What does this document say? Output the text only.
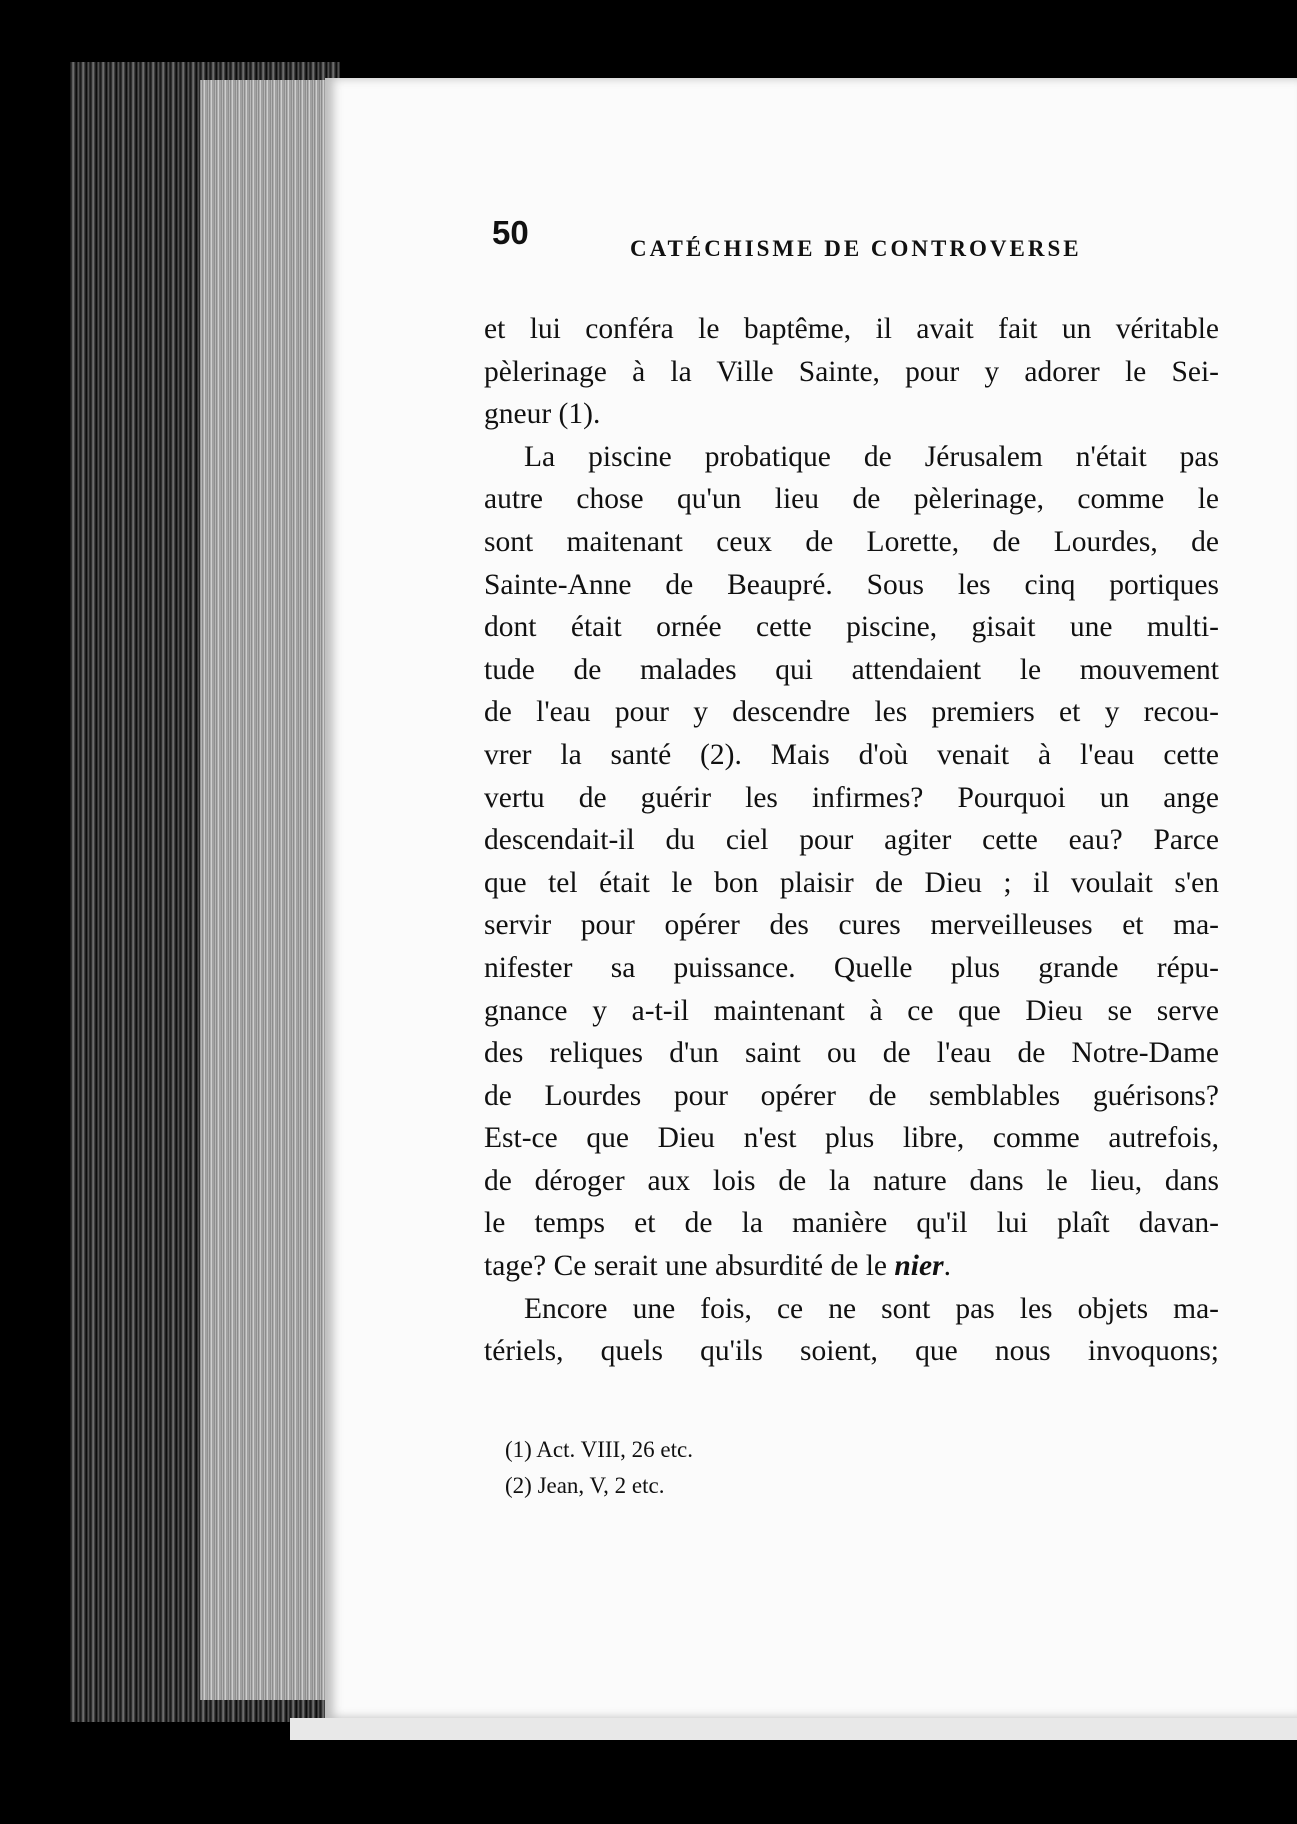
50	CATÉCHISME DE CONTROVERSE
et lui conféra le baptême, il avait fait un véritable
pèlerinage à la Ville Sainte, pour y adorer le Sei-
gneur (1).
La piscine probatique de Jérusalem n'était pas
autre chose qu'un lieu de pèlerinage, comme le
sont maitenant ceux de Lorette, de Lourdes, de
Sainte-Anne de Beaupré. Sous les cinq portiques
dont était ornée cette piscine, gisait une multi-
tude de malades qui attendaient le mouvement
de l'eau pour y descendre les premiers et y recou-
vrer la santé (2). Mais d'où venait à l'eau cette
vertu de guérir les infirmes? Pourquoi un ange
descendait-il du ciel pour agiter cette eau? Parce
que tel était le bon plaisir de Dieu ; il voulait s'en
servir pour opérer des cures merveilleuses et ma-
nifester sa puissance. Quelle plus grande répu-
gnance y a-t-il maintenant à ce que Dieu se serve
des reliques d'un saint ou de l'eau de Notre-Dame
de Lourdes pour opérer de semblables guérisons?
Est-ce que Dieu n'est plus libre, comme autrefois,
de déroger aux lois de la nature dans le lieu, dans
le temps et de la manière qu'il lui plaît davan-
tage? Ce serait une absurdité de le nier.
Encore une fois, ce ne sont pas les objets ma-
tériels, quels qu'ils soient, que nous invoquons;
(1) Act. VIII, 26 etc.
(2) Jean, V, 2 etc.
